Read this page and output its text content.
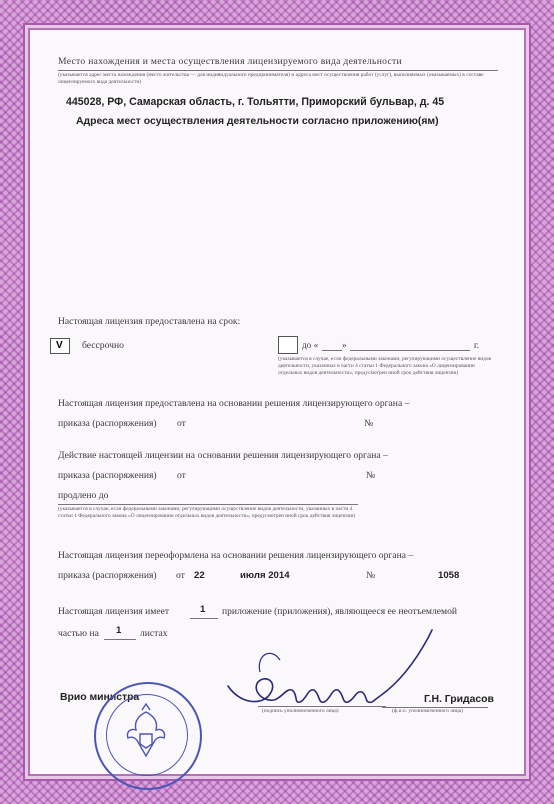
Место нахождения и места осуществления лицензируемого вида деятельности
(указывается адрес места нахождения (место жительства — для индивидуального предпринимателя) и адреса мест осуществления работ (услуг), выполняемых (оказываемых) в составе лицензируемого вида деятельности)
445028, РФ, Самарская область, г. Тольятти, Приморский бульвар, д. 45
Адреса мест осуществления деятельности согласно приложению(ям)
Настоящая лицензия предоставлена на срок:
V бессрочно	до «	»	г.
(указывается в случае, если федеральными законами, регулирующими осуществление видов деятельности, указанных в части 4 статьи 1 Федерального закона «О лицензировании отдельных видов деятельности», предусмотрен иной срок действия лицензии)
Настоящая лицензия предоставлена на основании решения лицензирующего органа –
приказа (распоряжения) от	№
Действие настоящей лицензии на основании решения лицензирующего органа –
приказа (распоряжения) от	№
продлено до
(указывается в случае, если федеральными законами, регулирующими осуществление видов деятельности, указанных в части 4 статьи 1 Федерального закона «О лицензировании отдельных видов деятельности», предусмотрен иной срок действия лицензии)
Настоящая лицензия переоформлена на основании решения лицензирующего органа –
приказа (распоряжения) от 22	июля 2014	№	1058
Настоящая лицензия имеет	1 приложение (приложения), являющееся ее неотъемлемой
частью на 1 листах
Врио министра
(подпись уполномоченного лица)
Г.Н. Гридасов
(ф.и.о. уполномоченного лица)
